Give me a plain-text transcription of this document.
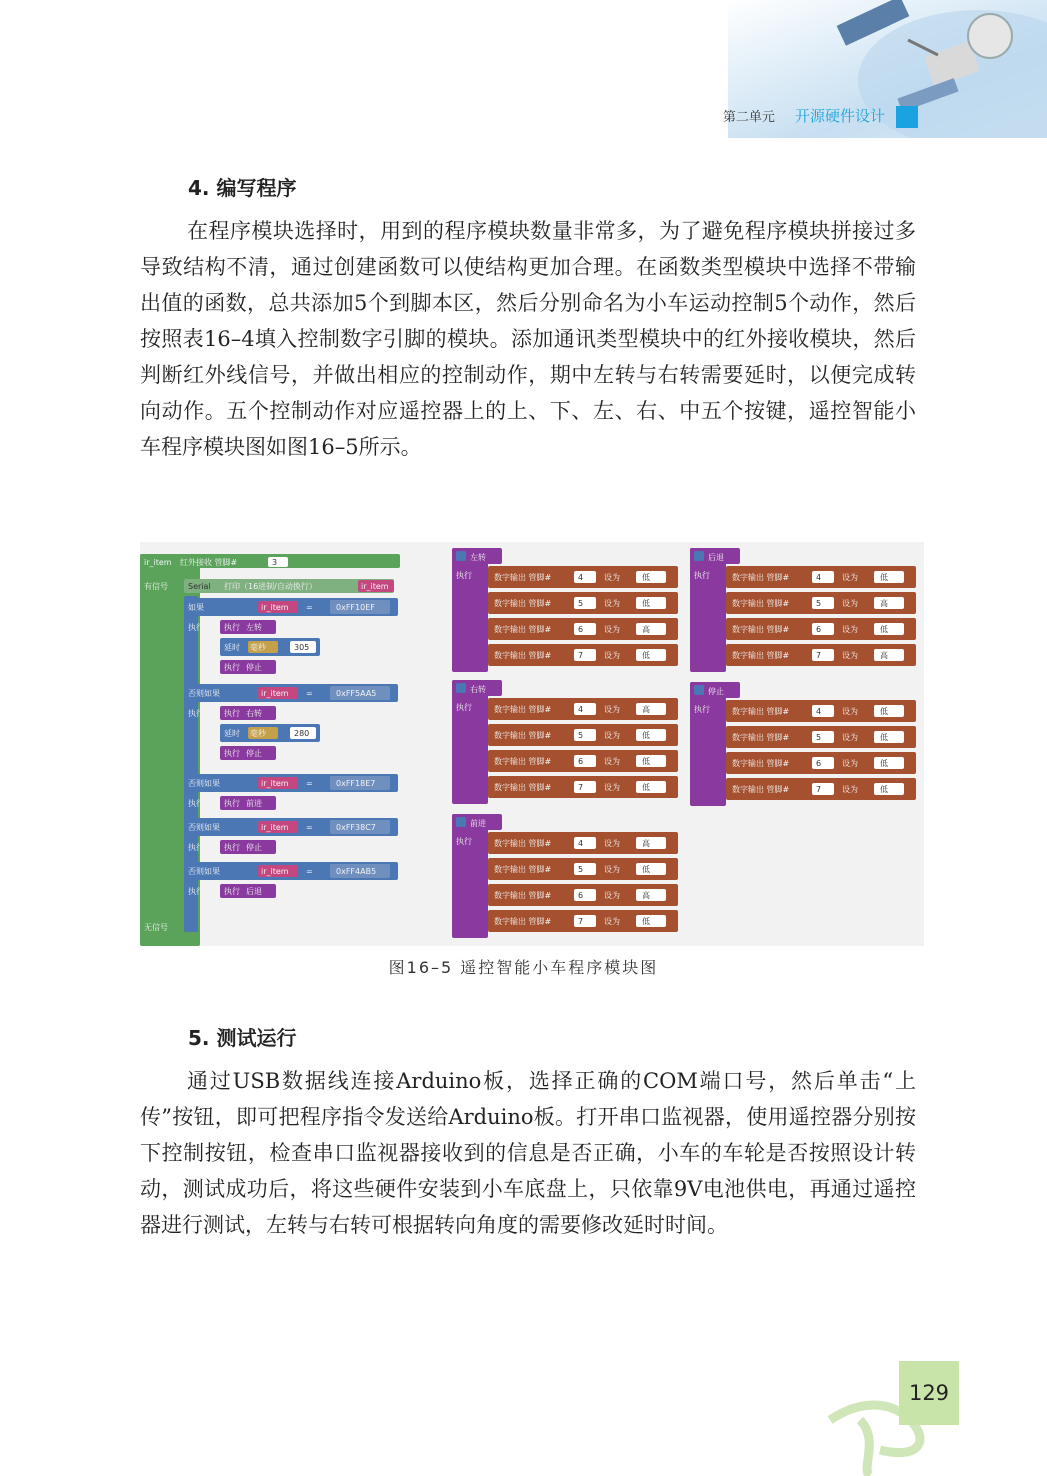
第二单元 开源硬件设计
4. 编写程序

在程序模块选择时，用到的程序模块数量非常多，为了避免程序模块拼接过多导致结构不清，通过创建函数可以使结构更加合理。在函数类型模块中选择不带输出值的函数，总共添加5个到脚本区，然后分别命名为小车运动控制5个动作，然后按照表16–4填入控制数字引脚的模块。添加通讯类型模块中的红外接收模块，然后判断红外线信号，并做出相应的控制动作，期中左转与右转需要延时，以便完成转向动作。五个控制动作对应遥控器上的上、下、左、右、中五个按键，遥控智能小车程序模块图如图16–5所示。

ir_item 红外接收 管脚#	3
有信号	Serial 打印（16进制/自动换行）	ir_item
如果	ir_item =	0xFF10EF
执行	执行 左转
延时 毫秒	305
执行 停止
否则如果	ir_item =	0xFF5AA5
执行	执行 右转
延时 毫秒	280
执行 停止
否则如果	ir_item =	0xFF18E7
执行	执行 前进
否则如果	ir_item =	0xFF38C7
执行	执行 停止
否则如果	ir_item =	0xFF4AB5
执行	执行 后退
无信号
左转
执行	数字输出 管脚#	4	设为	低
数字输出 管脚#	5	设为	低
数字输出 管脚#	6	设为	高
数字输出 管脚#	7	设为	低
后退
执行	数字输出 管脚#	4	设为	低
数字输出 管脚#	5	设为	高
数字输出 管脚#	6	设为	低
数字输出 管脚#	7	设为	高
右转
执行	数字输出 管脚#	4	设为	高
数字输出 管脚#	5	设为	低
数字输出 管脚#	6	设为	低
数字输出 管脚#	7	设为	低
停止
执行	数字输出 管脚#	4	设为	低
数字输出 管脚#	5	设为	低
数字输出 管脚#	6	设为	低
数字输出 管脚#	7	设为	低
前进
执行	数字输出 管脚#	4	设为	高
数字输出 管脚#	5	设为	低
数字输出 管脚#	6	设为	高
数字输出 管脚#	7	设为	低
图16–5 遥控智能小车程序模块图
5. 测试运行

通过USB数据线连接Arduino板，选择正确的COM端口号，然后单击“上传”按钮，即可把程序指令发送给Arduino板。打开串口监视器，使用遥控器分别按下控制按钮，检查串口监视器接收到的信息是否正确，小车的车轮是否按照设计转动，测试成功后，将这些硬件安装到小车底盘上，只依靠9V电池供电，再通过遥控器进行测试，左转与右转可根据转向角度的需要修改延时时间。

129
